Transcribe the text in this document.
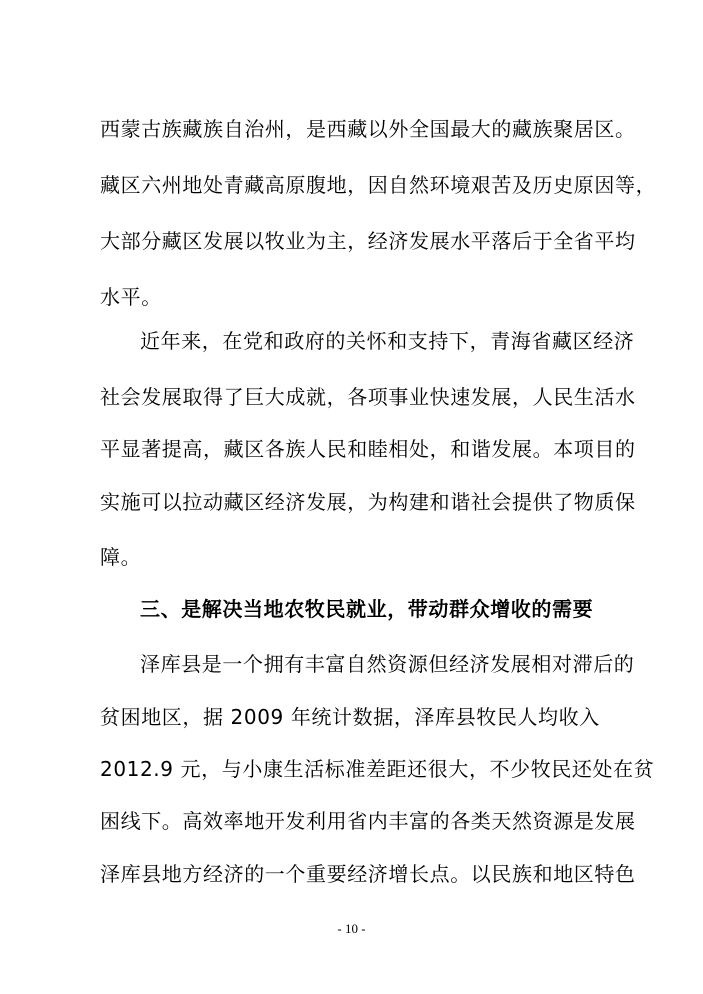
西蒙古族藏族自治州，是西藏以外全国最大的藏族聚居区。
藏区六州地处青藏高原腹地，因自然环境艰苦及历史原因等，
大部分藏区发展以牧业为主，经济发展水平落后于全省平均
水平。
近年来，在党和政府的关怀和支持下，青海省藏区经济
社会发展取得了巨大成就，各项事业快速发展，人民生活水
平显著提高，藏区各族人民和睦相处，和谐发展。本项目的
实施可以拉动藏区经济发展，为构建和谐社会提供了物质保
障。
三、是解决当地农牧民就业，带动群众增收的需要
泽库县是一个拥有丰富自然资源但经济发展相对滞后的
贫困地区，据 2009 年统计数据，泽库县牧民人均收入
2012.9 元，与小康生活标准差距还很大，不少牧民还处在贫
困线下。高效率地开发利用省内丰富的各类天然资源是发展
泽库县地方经济的一个重要经济增长点。以民族和地区特色
- 10 -
